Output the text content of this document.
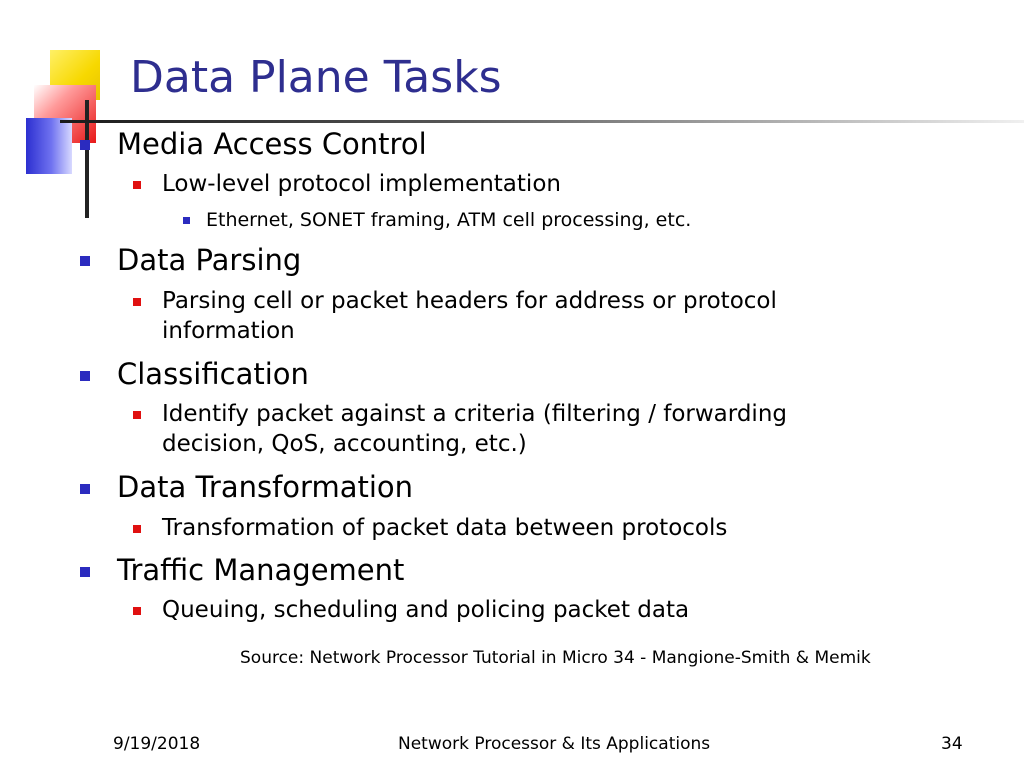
Data Plane Tasks
Media Access Control
Low-level protocol implementation
Ethernet, SONET framing, ATM cell processing, etc.
Data Parsing
Parsing cell or packet headers for address or protocol
information
Classification
Identify packet against a criteria (filtering / forwarding
decision, QoS, accounting, etc.)
Data Transformation
Transformation of packet data between protocols
Traffic Management
Queuing, scheduling and policing packet data
Source: Network Processor Tutorial in Micro 34 - Mangione-Smith & Memik
9/19/2018	Network Processor & Its Applications	34
